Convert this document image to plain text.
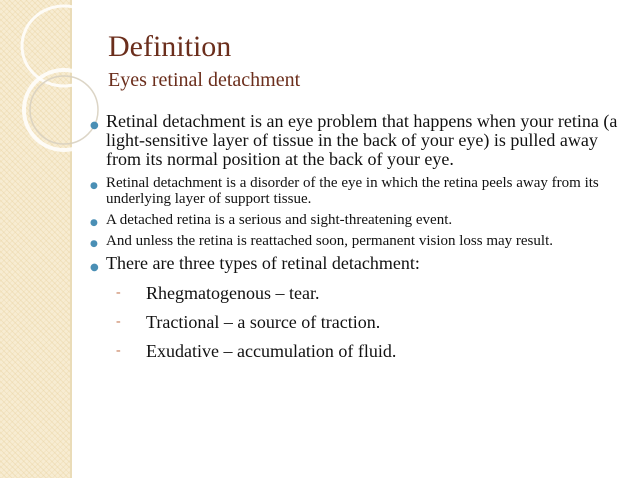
Definition
Eyes retinal detachment
● Retinal detachment is an eye problem that happens when your retina (a light-sensitive layer of tissue in the back of your eye) is pulled away from its normal position at the back of your eye.
● Retinal detachment is a disorder of the eye in which the retina peels away from its underlying layer of support tissue.
● A detached retina is a serious and sight-threatening event.
● And unless the retina is reattached soon, permanent vision loss may result.
● There are three types of retinal detachment:
- Rhegmatogenous – tear.
- Tractional – a source of traction.
- Exudative – accumulation of fluid.
